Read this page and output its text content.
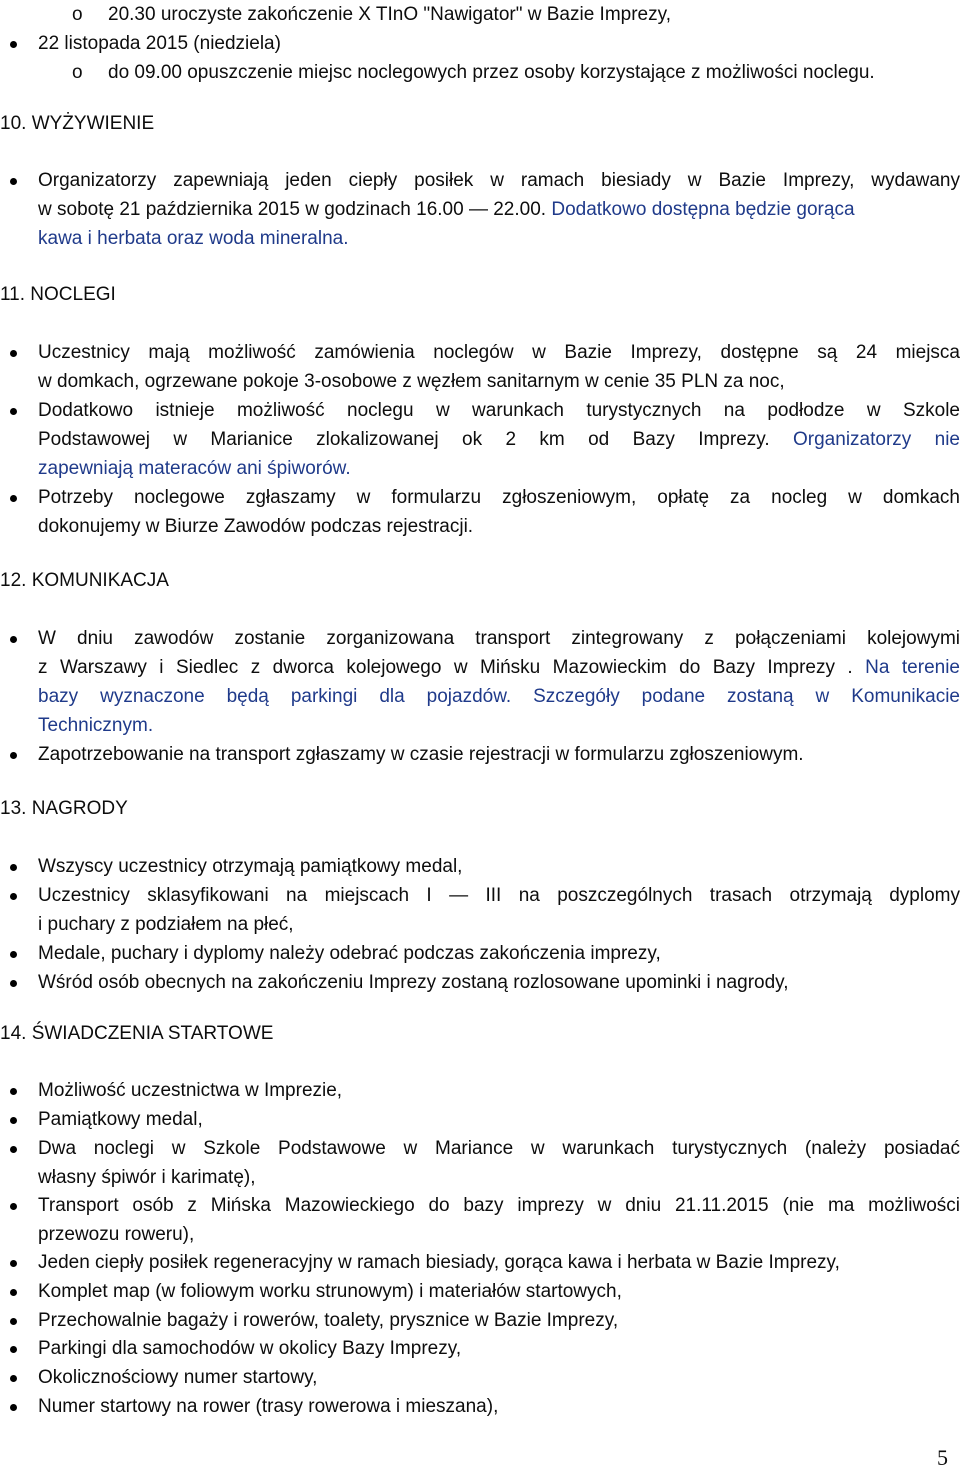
o 20.30 uroczyste zakończenie X TInO "Nawigator" w Bazie Imprezy,
22 listopada 2015 (niedziela)
o do 09.00 opuszczenie miejsc noclegowych przez osoby korzystające z możliwości noclegu.
10. WYŻYWIENIE
Organizatorzy zapewniają jeden ciepły posiłek w ramach biesiady w Bazie Imprezy, wydawany
w sobotę 21 października 2015 w godzinach 16.00 — 22.00. Dodatkowo dostępna będzie gorąca
kawa i herbata oraz woda mineralna.
11. NOCLEGI
Uczestnicy mają możliwość zamówienia noclegów w Bazie Imprezy, dostępne są 24 miejsca
w domkach, ogrzewane pokoje 3-osobowe z węzłem sanitarnym w cenie 35 PLN za noc,
Dodatkowo istnieje możliwość noclegu w warunkach turystycznych na podłodze w Szkole
Podstawowej w Marianice zlokalizowanej ok 2 km od Bazy Imprezy. Organizatorzy nie
zapewniają materaców ani śpiworów.
Potrzeby noclegowe zgłaszamy w formularzu zgłoszeniowym, opłatę za nocleg w domkach
dokonujemy w Biurze Zawodów podczas rejestracji.
12. KOMUNIKACJA
W dniu zawodów zostanie zorganizowana transport zintegrowany z połączeniami kolejowymi
z Warszawy i Siedlec z dworca kolejowego w Mińsku Mazowieckim do Bazy Imprezy . Na terenie
bazy wyznaczone będą parkingi dla pojazdów. Szczegóły podane zostaną w Komunikacie
Technicznym.
Zapotrzebowanie na transport zgłaszamy w czasie rejestracji w formularzu zgłoszeniowym.
13. NAGRODY
Wszyscy uczestnicy otrzymają pamiątkowy medal,
Uczestnicy sklasyfikowani na miejscach I — III na poszczególnych trasach otrzymają dyplomy
i puchary z podziałem na płeć,
Medale, puchary i dyplomy należy odebrać podczas zakończenia imprezy,
Wśród osób obecnych na zakończeniu Imprezy zostaną rozlosowane upominki i nagrody,
14. ŚWIADCZENIA STARTOWE
Możliwość uczestnictwa w Imprezie,
Pamiątkowy medal,
Dwa noclegi w Szkole Podstawowe w Mariance w warunkach turystycznych (należy posiadać
własny śpiwór i karimatę),
Transport osób z Mińska Mazowieckiego do bazy imprezy w dniu 21.11.2015 (nie ma możliwości
przewozu roweru),
Jeden ciepły posiłek regeneracyjny w ramach biesiady, gorąca kawa i herbata w Bazie Imprezy,
Komplet map (w foliowym worku strunowym) i materiałów startowych,
Przechowalnie bagaży i rowerów, toalety, prysznice w Bazie Imprezy,
Parkingi dla samochodów w okolicy Bazy Imprezy,
Okolicznościowy numer startowy,
Numer startowy na rower (trasy rowerowa i mieszana),
5
